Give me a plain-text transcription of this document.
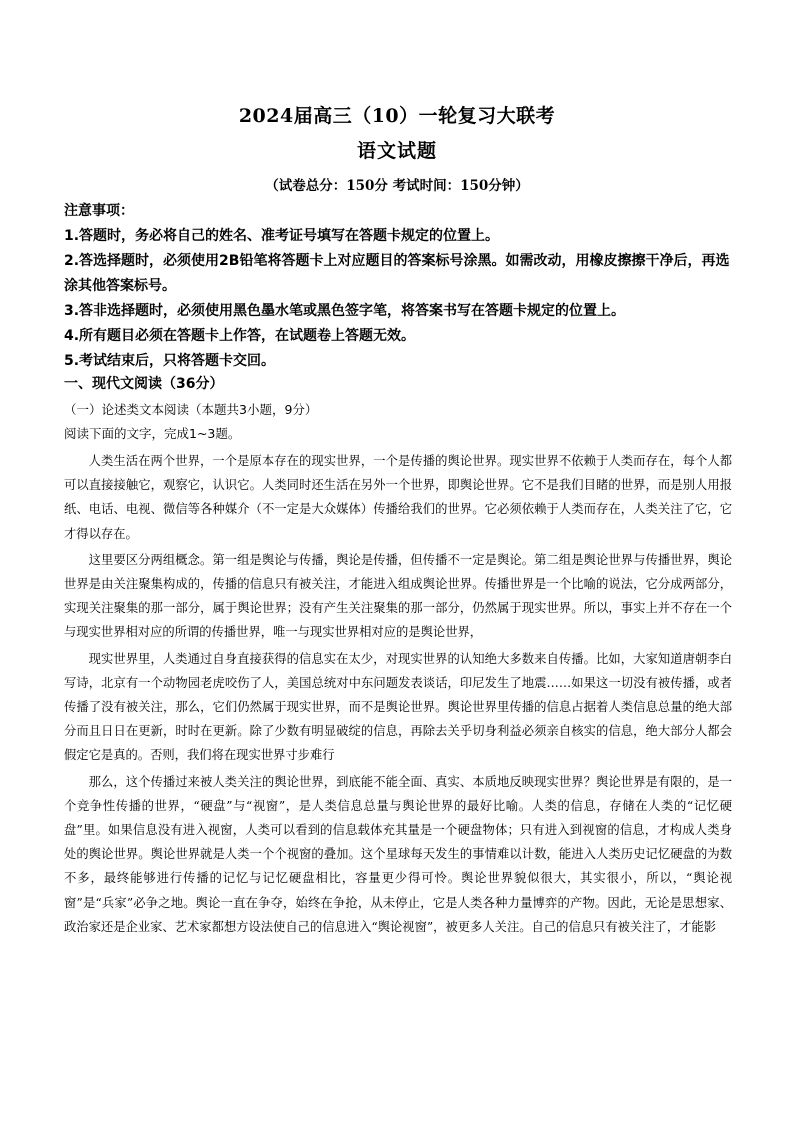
2024届高三（10）一轮复习大联考
语文试题
（试卷总分：150分 考试时间：150分钟）
注意事项：
1.答题时，务必将自己的姓名、准考证号填写在答题卡规定的位置上。
2.答选择题时，必须使用2B铅笔将答题卡上对应题目的答案标号涂黑。如需改动，用橡皮擦擦干净后，再选涂其他答案标号。
3.答非选择题时，必须使用黑色墨水笔或黑色签字笔，将答案书写在答题卡规定的位置上。
4.所有题目必须在答题卡上作答，在试题卷上答题无效。
5.考试结束后，只将答题卡交回。
一、现代文阅读（36分）
（一）论述类文本阅读（本题共3小题，9分）
阅读下面的文字，完成1~3题。

人类生活在两个世界，一个是原本存在的现实世界，一个是传播的舆论世界。现实世界不依赖于人类而存在，每个人都可以直接接触它，观察它，认识它。人类同时还生活在另外一个世界，即舆论世界。它不是我们目睹的世界，而是别人用报纸、电话、电视、微信等各种媒介（不一定是大众媒体）传播给我们的世界。它必须依赖于人类而存在，人类关注了它，它才得以存在。

这里要区分两组概念。第一组是舆论与传播，舆论是传播，但传播不一定是舆论。第二组是舆论世界与传播世界，舆论世界是由关注聚集构成的，传播的信息只有被关注，才能进入组成舆论世界。传播世界是一个比喻的说法，它分成两部分，实现关注聚集的那一部分，属于舆论世界；没有产生关注聚集的那一部分，仍然属于现实世界。所以，事实上并不存在一个与现实世界相对应的所谓的传播世界，唯一与现实世界相对应的是舆论世界，

现实世界里，人类通过自身直接获得的信息实在太少，对现实世界的认知绝大多数来自传播。比如，大家知道唐朝李白写诗，北京有一个动物园老虎咬伤了人，美国总统对中东问题发表谈话，印尼发生了地震……如果这一切没有被传播，或者传播了没有被关注，那么，它们仍然属于现实世界，而不是舆论世界。舆论世界里传播的信息占据着人类信息总量的绝大部分而且日日在更新，时时在更新。除了少数有明显破绽的信息，再除去关乎切身利益必须亲自核实的信息，绝大部分人都会假定它是真的。否则，我们将在现实世界寸步难行

那么，这个传播过来被人类关注的舆论世界，到底能不能全面、真实、本质地反映现实世界？舆论世界是有限的，是一个竞争性传播的世界，“硬盘”与“视窗”，是人类信息总量与舆论世界的最好比喻。人类的信息，存储在人类的“记忆硬盘”里。如果信息没有进入视窗，人类可以看到的信息载体充其量是一个硬盘物体；只有进入到视窗的信息，才构成人类身处的舆论世界。舆论世界就是人类一个个视窗的叠加。这个星球每天发生的事情难以计数，能进入人类历史记忆硬盘的为数不多，最终能够进行传播的记忆与记忆硬盘相比，容量更少得可怜。舆论世界貌似很大，其实很小，所以，“舆论视窗”是“兵家”必争之地。舆论一直在争夺，始终在争抢，从未停止，它是人类各种力量博弈的产物。因此，无论是思想家、政治家还是企业家、艺术家都想方设法使自己的信息进入“舆论视窗”，被更多人关注。自己的信息只有被关注了，才能影
